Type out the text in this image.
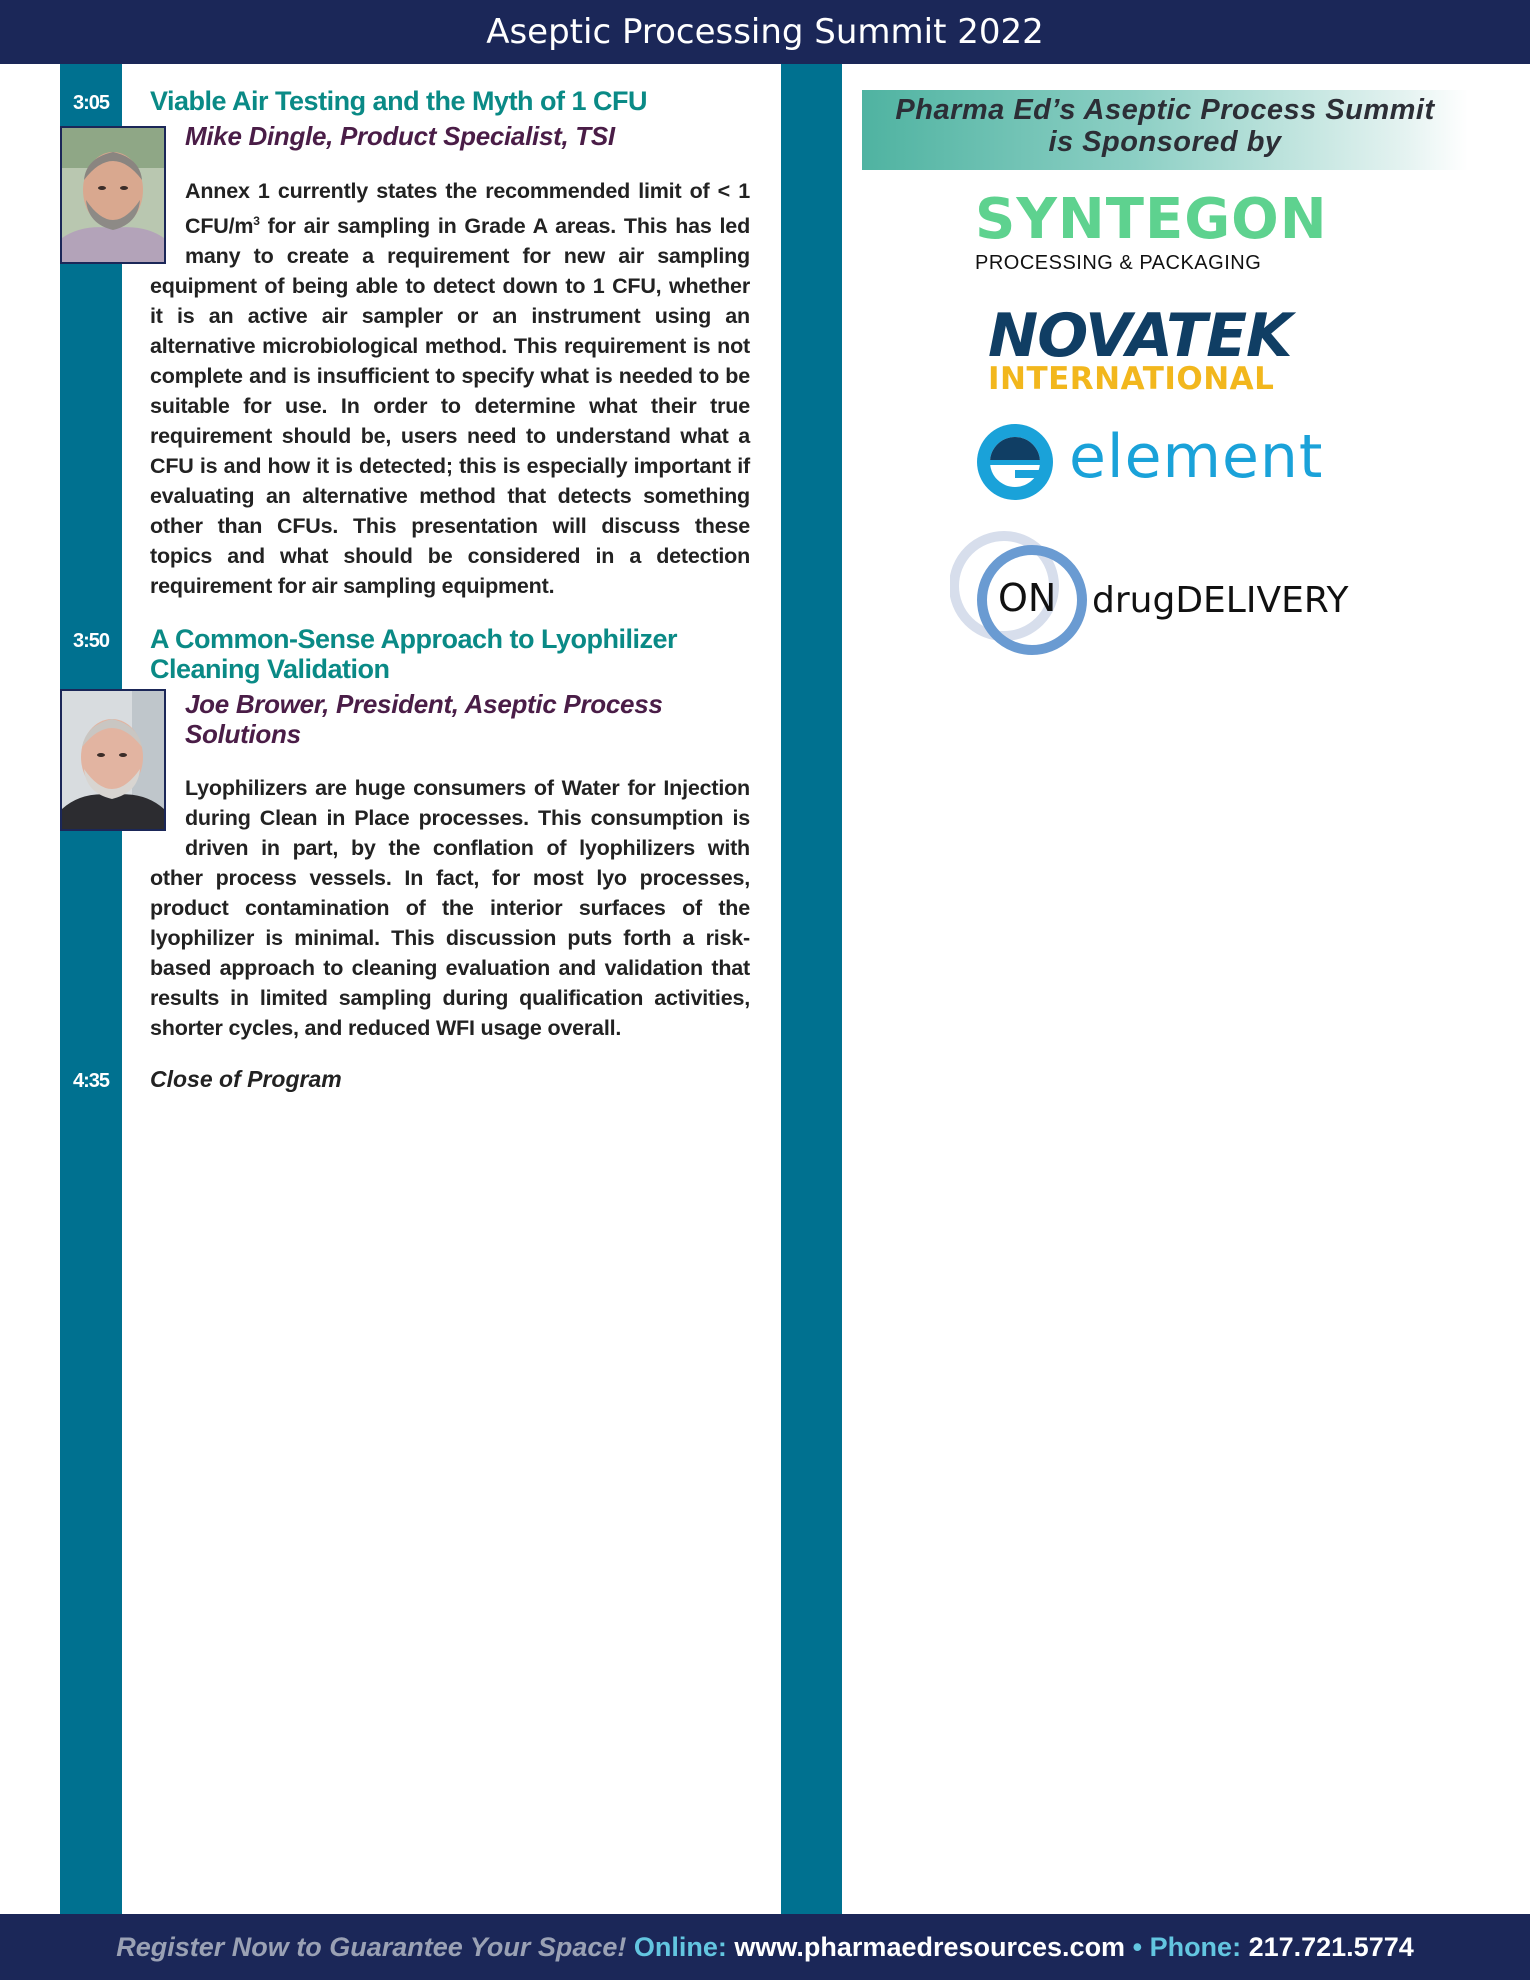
Aseptic Processing Summit 2022
3:05	Viable Air Testing and the Myth of 1 CFU
Mike Dingle, Product Specialist, TSI
Annex 1 currently states the recommended limit of < 1 CFU/$m^3$ for air sampling in Grade A areas. This has led many to create a requirement for new air sampling equipment of being able to detect down to 1 CFU, whether it is an active air sampler or an instrument using an alternative microbiological method. This requirement is not complete and is insufficient to specify what is needed to be suitable for use. In order to determine what their true requirement should be, users need to understand what a CFU is and how it is detected; this is especially important if evaluating an alternative method that detects something other than CFUs. This presentation will discuss these topics and what should be considered in a detection requirement for air sampling equipment.
3:50	A Common-Sense Approach to Lyophilizer Cleaning Validation
Joe Brower, President, Aseptic Process Solutions
Lyophilizers are huge consumers of Water for Injection during Clean in Place processes. This consumption is driven in part, by the conflation of lyophilizers with other process vessels. In fact, for most lyo processes, product contamination of the interior surfaces of the lyophilizer is minimal. This discussion puts forth a risk-based approach to cleaning evaluation and validation that results in limited sampling during qualification activities, shorter cycles, and reduced WFI usage overall.
4:35	Close of Program
Pharma Ed’s Aseptic Process Summit is Sponsored by
SYNTEGON
PROCESSING & PACKAGING
NOVATEK
INTERNATIONAL
element
ON drugDELIVERY
Register Now to Guarantee Your Space! Online: www.pharmaedresources.com • Phone: 217.721.5774
